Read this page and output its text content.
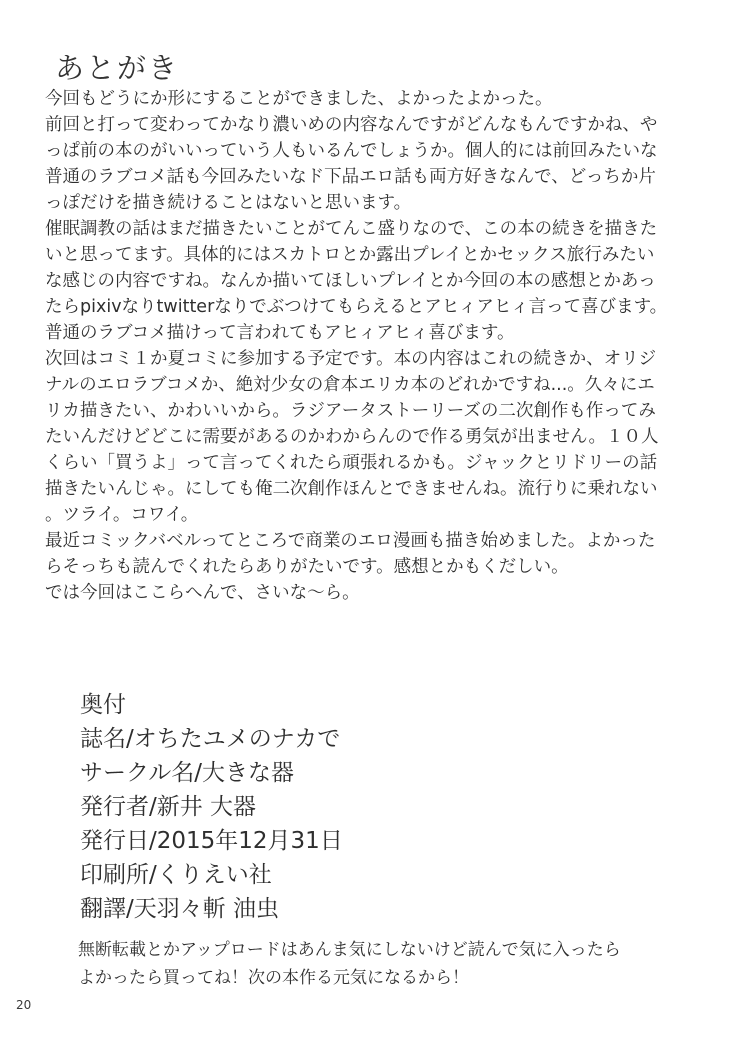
あとがき
今回もどうにか形にすることができました、よかったよかった。
前回と打って変わってかなり濃いめの内容なんですがどんなもんですかね、や
っぱ前の本のがいいっていう人もいるんでしょうか。個人的には前回みたいな
普通のラブコメ話も今回みたいなド下品エロ話も両方好きなんで、どっちか片
っぽだけを描き続けることはないと思います。
催眠調教の話はまだ描きたいことがてんこ盛りなので、この本の続きを描きた
いと思ってます。具体的にはスカトロとか露出プレイとかセックス旅行みたい
な感じの内容ですね。なんか描いてほしいプレイとか今回の本の感想とかあっ
たらpixivなりtwitterなりでぶつけてもらえるとアヒィアヒィ言って喜びます。
普通のラブコメ描けって言われてもアヒィアヒィ喜びます。
次回はコミ１か夏コミに参加する予定です。本の内容はこれの続きか、オリジ
ナルのエロラブコメか、絶対少女の倉本エリカ本のどれかですね...。久々にエ
リカ描きたい、かわいいから。ラジアータストーリーズの二次創作も作ってみ
たいんだけどどこに需要があるのかわからんので作る勇気が出ません。１０人
くらい「買うよ」って言ってくれたら頑張れるかも。ジャックとリドリーの話
描きたいんじゃ。にしても俺二次創作ほんとできませんね。流行りに乗れない
。ツライ。コワイ。
最近コミックバベルってところで商業のエロ漫画も描き始めました。よかった
らそっちも読んでくれたらありがたいです。感想とかもくだしい。
では今回はここらへんで、さいな～ら。
奥付
誌名/オちたユメのナカで
サークル名/大きな器
発行者/新井 大器
発行日/2015年12月31日
印刷所/くりえい社
翻譯/天羽々斬 油虫
無断転載とかアップロードはあんま気にしないけど読んで気に入ったら
よかったら買ってね！次の本作る元気になるから！
20
